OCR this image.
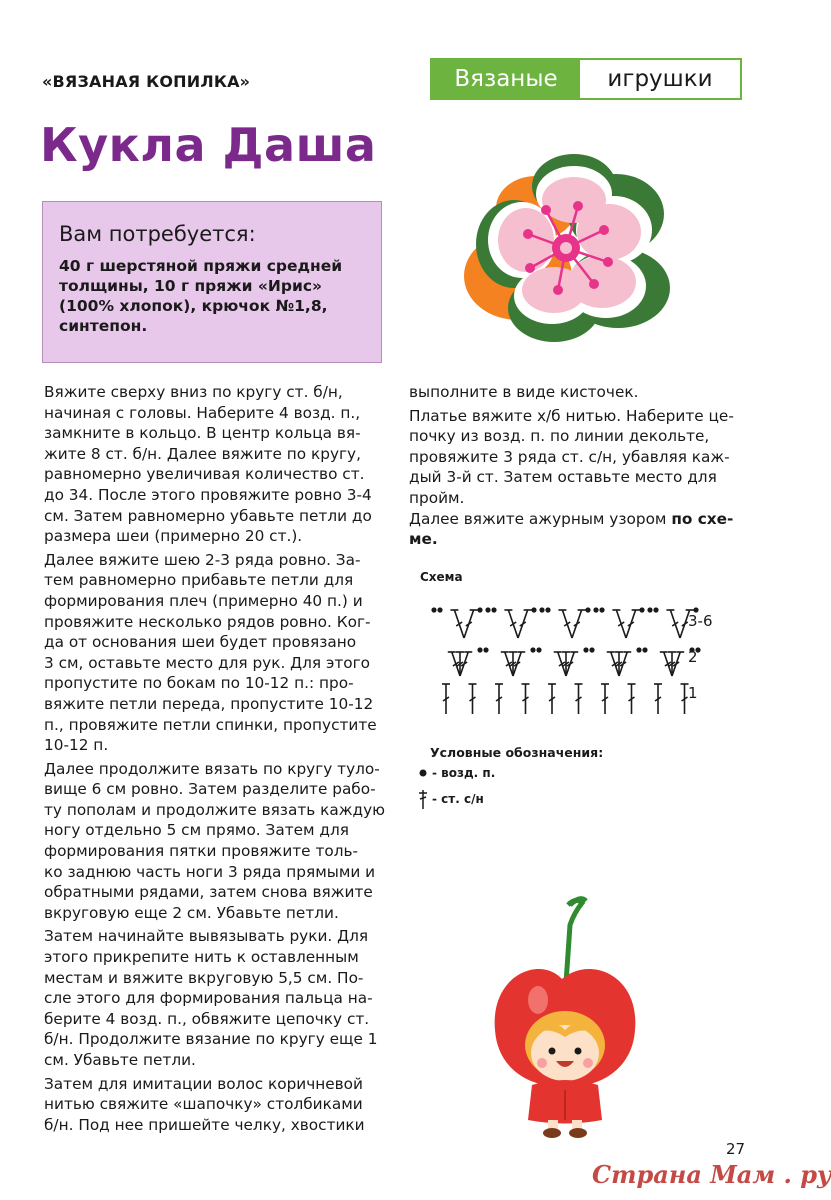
«ВЯЗАНАЯ КОПИЛКА»	Вязаные	игрушки
Кукла Даша
Вам потребуется:
40 г шерстяной пряжи средней
толщины, 10 г пряжи «Ирис»
(100% хлопок), крючок №1,8,
синтепон.

Вяжите сверху вниз по кругу ст. б/н,
начиная с головы. Наберите 4 возд. п.,
замкните в кольцо. В центр кольца вя-
жите 8 ст. б/н. Далее вяжите по кругу,
равномерно увеличивая количество ст.
до 34. После этого провяжите ровно 3-4
см. Затем равномерно убавьте петли до
размера шеи (примерно 20 ст.).

Далее вяжите шею 2-3 ряда ровно. За-
тем равномерно прибавьте петли для
формирования плеч (примерно 40 п.) и
провяжите несколько рядов ровно. Ког-
да от основания шеи будет провязано
3 см, оставьте место для рук. Для этого
пропустите по бокам по 10-12 п.: про-
вяжите петли переда, пропустите 10-12
п., провяжите петли спинки, пропустите
10-12 п.

Далее продолжите вязать по кругу туло-
вище 6 см ровно. Затем разделите рабо-
ту пополам и продолжите вязать каждую
ногу отдельно 5 см прямо. Затем для
формирования пятки провяжите толь-
ко заднюю часть ноги 3 ряда прямыми и
обратными рядами, затем снова вяжите
вкруговую еще 2 см. Убавьте петли.

Затем начинайте вывязывать руки. Для
этого прикрепите нить к оставленным
местам и вяжите вкруговую 5,5 см. По-
сле этого для формирования пальца на-
берите 4 возд. п., обвяжите цепочку ст.
б/н. Продолжите вязание по кругу еще 1
см. Убавьте петли.

Затем для имитации волос коричневой
нитью свяжите «шапочку» столбиками
б/н. Под нее пришейте челку, хвостики

выполните в виде кисточек.

Платье вяжите х/б нитью. Наберите це-
почку из возд. п. по линии декольте,
провяжите 3 ряда ст. с/н, убавляя каж-
дый 3-й ст. Затем оставьте место для пройм.
Далее вяжите ажурным узором по схе-
ме.

Схема
3-6
2
1
Условные обозначения:
- возд. п.
- ст. с/н
27
Страна Мам . ру
